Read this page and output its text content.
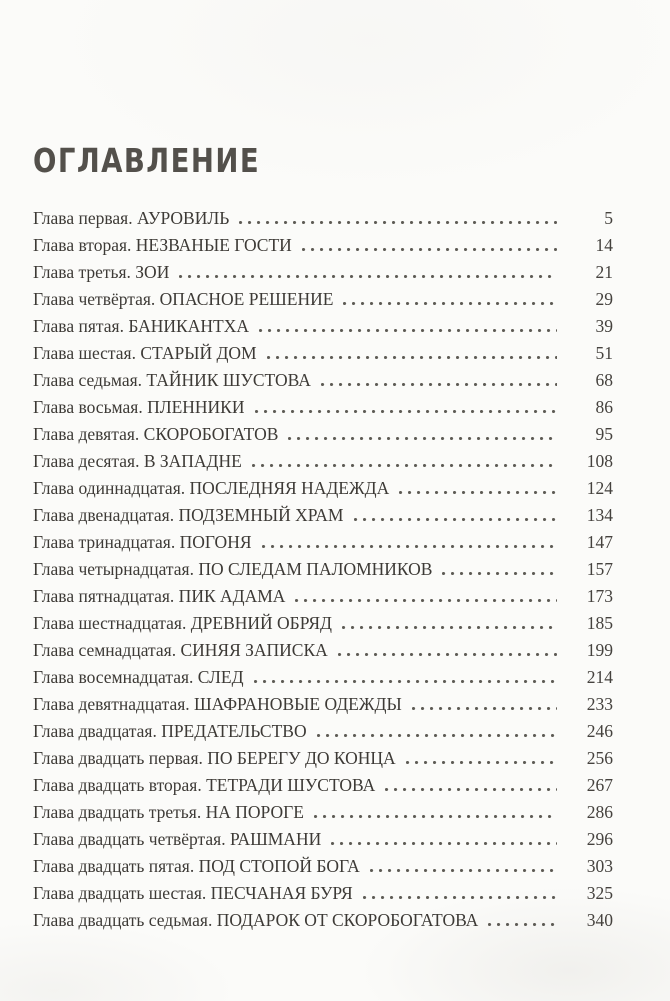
ОГЛАВЛЕНИЕ
Глава первая. АУРОВИЛЬ	5
Глава вторая. НЕЗВАНЫЕ ГОСТИ	14
Глава третья. ЗОИ	21
Глава четвёртая. ОПАСНОЕ РЕШЕНИЕ	29
Глава пятая. БАНИКАНТХА	39
Глава шестая. СТАРЫЙ ДОМ	51
Глава седьмая. ТАЙНИК ШУСТОВА	68
Глава восьмая. ПЛЕННИКИ	86
Глава девятая. СКОРОБОГАТОВ	95
Глава десятая. В ЗАПАДНЕ	108
Глава одиннадцатая. ПОСЛЕДНЯЯ НАДЕЖДА	124
Глава двенадцатая. ПОДЗЕМНЫЙ ХРАМ	134
Глава тринадцатая. ПОГОНЯ	147
Глава четырнадцатая. ПО СЛЕДАМ ПАЛОМНИКОВ	157
Глава пятнадцатая. ПИК АДАМА	173
Глава шестнадцатая. ДРЕВНИЙ ОБРЯД	185
Глава семнадцатая. СИНЯЯ ЗАПИСКА	199
Глава восемнадцатая. СЛЕД	214
Глава девятнадцатая. ШАФРАНОВЫЕ ОДЕЖДЫ	233
Глава двадцатая. ПРЕДАТЕЛЬСТВО	246
Глава двадцать первая. ПО БЕРЕГУ ДО КОНЦА	256
Глава двадцать вторая. ТЕТРАДИ ШУСТОВА	267
Глава двадцать третья. НА ПОРОГЕ	286
Глава двадцать четвёртая. РАШМАНИ	296
Глава двадцать пятая. ПОД СТОПОЙ БОГА	303
Глава двадцать шестая. ПЕСЧАНАЯ БУРЯ	325
Глава двадцать седьмая. ПОДАРОК ОТ СКОРОБОГАТОВА	340
